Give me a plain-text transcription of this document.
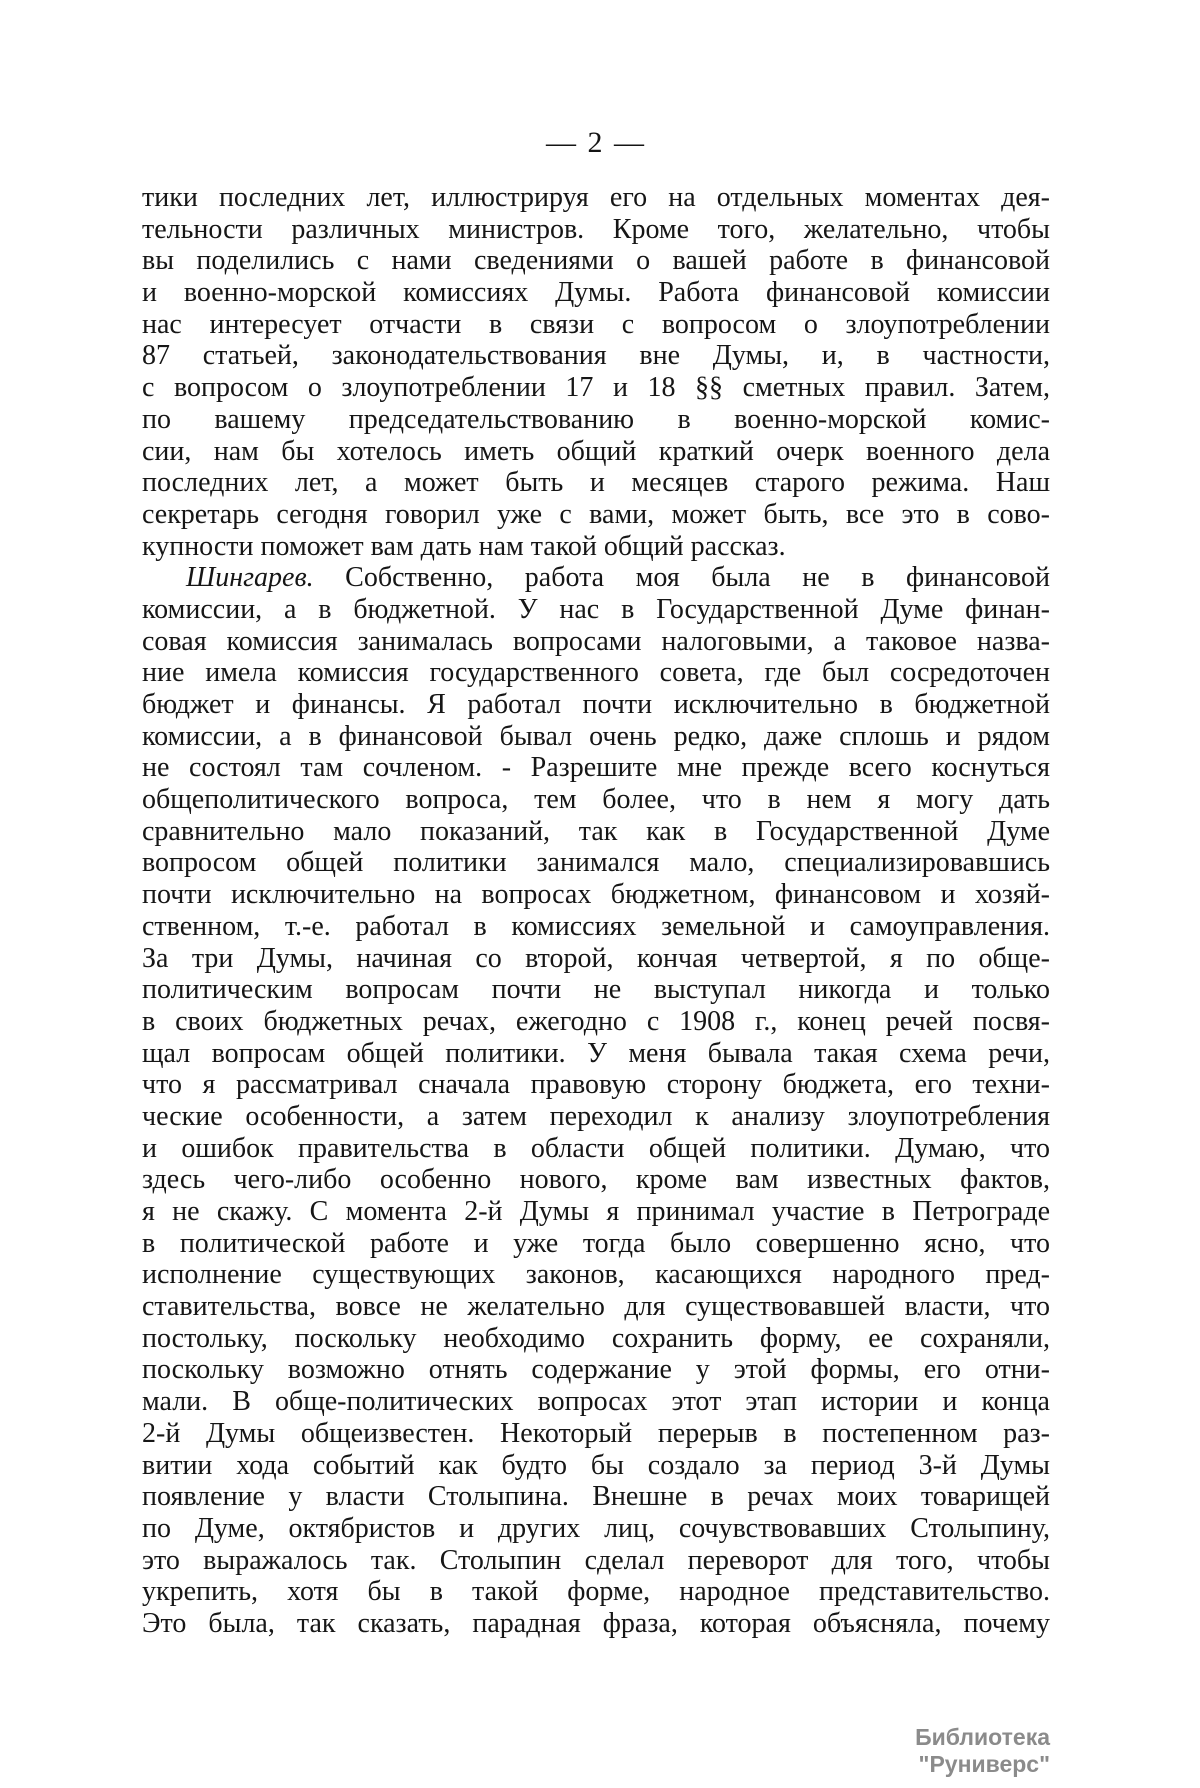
— 2 —
тики последних лет, иллюстрируя его на отдельных моментах дея-
тельности различных министров. Кроме того, желательно, чтобы
вы поделились с нами сведениями о вашей работе в финансовой
и военно-морской комиссиях Думы. Работа финансовой комиссии
нас интересует отчасти в связи с вопросом о злоупотреблении
87 статьей, законодательствования вне Думы, и, в частности,
с вопросом о злоупотреблении 17 и 18 §§ сметных правил. Затем,
по вашему председательствованию в военно-морской комис-
сии, нам бы хотелось иметь общий краткий очерк военного дела
последних лет, а может быть и месяцев старого режима. Наш
секретарь сегодня говорил уже с вами, может быть, все это в сово-
купности поможет вам дать нам такой общий рассказ.
Шингарев. Собственно, работа моя была не в финансовой
комиссии, а в бюджетной. У нас в Государственной Думе финан-
совая комиссия занималась вопросами налоговыми, а таковое назва-
ние имела комиссия государственного совета, где был сосредоточен
бюджет и финансы. Я работал почти исключительно в бюджетной
комиссии, а в финансовой бывал очень редко, даже сплошь и рядом
не состоял там сочленом. - Разрешите мне прежде всего коснуться
общеполитического вопроса, тем более, что в нем я могу дать
сравнительно мало показаний, так как в Государственной Думе
вопросом общей политики занимался мало, специализировавшись
почти исключительно на вопросах бюджетном, финансовом и хозяй-
ственном, т.-е. работал в комиссиях земельной и самоуправления.
За три Думы, начиная со второй, кончая четвертой, я по обще-
политическим вопросам почти не выступал никогда и только
в своих бюджетных речах, ежегодно с 1908 г., конец речей посвя-
щал вопросам общей политики. У меня бывала такая схема речи,
что я рассматривал сначала правовую сторону бюджета, его техни-
ческие особенности, а затем переходил к анализу злоупотребления
и ошибок правительства в области общей политики. Думаю, что
здесь чего-либо особенно нового, кроме вам известных фактов,
я не скажу. С момента 2-й Думы я принимал участие в Петрограде
в политической работе и уже тогда было совершенно ясно, что
исполнение существующих законов, касающихся народного пред-
ставительства, вовсе не желательно для существовавшей власти, что
постольку, поскольку необходимо сохранить форму, ее сохраняли,
поскольку возможно отнять содержание у этой формы, его отни-
мали. В обще-политических вопросах этот этап истории и конца
2-й Думы общеизвестен. Некоторый перерыв в постепенном раз-
витии хода событий как будто бы создало за период 3-й Думы
появление у власти Столыпина. Внешне в речах моих товарищей
по Думе, октябристов и других лиц, сочувствовавших Столыпину,
это выражалось так. Столыпин сделал переворот для того, чтобы
укрепить, хотя бы в такой форме, народное представительство.
Это была, так сказать, парадная фраза, которая объясняла, почему
Библиотека "Руниверс"
